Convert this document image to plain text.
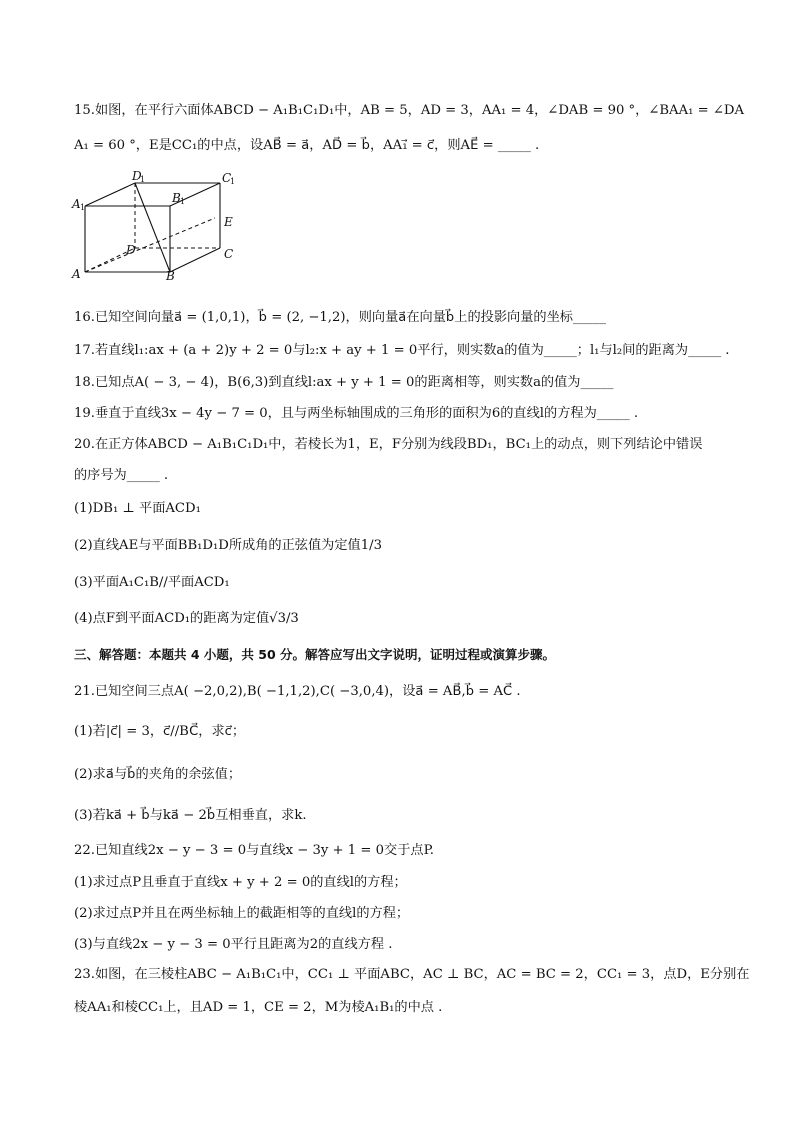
15.如图，在平行六面体ABCD − A₁B₁C₁D₁中，AB = 5，AD = 3，AA₁ = 4，∠DAB = 90 °，∠BAA₁ = ∠DA
A₁ = 60 °，E是CC₁的中点，设AB⃗ = a⃗，AD⃗ = b⃗，AA₁⃗ = c⃗，则AE⃗ = _____ .
D
1	C
1
B 1
A 1
E
D	C
A	B
16.已知空间向量a⃗ = (1,0,1)，b⃗ = (2, −1,2)，则向量a⃗在向量b⃗上的投影向量的坐标_____
17.若直线l₁:ax + (a + 2)y + 2 = 0与l₂:x + ay + 1 = 0平行，则实数a的值为_____；l₁与l₂间的距离为_____ .
18.已知点A( − 3, − 4)，B(6,3)到直线l:ax + y + 1 = 0的距离相等，则实数a的值为_____
19.垂直于直线3x − 4y − 7 = 0，且与两坐标轴围成的三角形的面积为6的直线l的方程为_____ .
20.在正方体ABCD − A₁B₁C₁D₁中，若棱长为1，E，F分别为线段BD₁，BC₁上的动点，则下列结论中错误
的序号为_____ .
(1)DB₁ ⊥ 平面ACD₁
(2)直线AE与平面BB₁D₁D所成角的正弦值为定值1/3
(3)平面A₁C₁B//平面ACD₁
(4)点F到平面ACD₁的距离为定值√3/3
三、解答题：本题共 4 小题，共 50 分。解答应写出文字说明，证明过程或演算步骤。
21.已知空间三点A( −2,0,2),B( −1,1,2),C( −3,0,4)，设a⃗ = AB⃗,b⃗ = AC⃗ .
(1)若|c⃗| = 3，c⃗//BC⃗，求c⃗；
(2)求a⃗与b⃗的夹角的余弦值；
(3)若ka⃗ + b⃗与ka⃗ − 2b⃗互相垂直，求k.
22.已知直线2x − y − 3 = 0与直线x − 3y + 1 = 0交于点P.
(1)求过点P且垂直于直线x + y + 2 = 0的直线l的方程；
(2)求过点P并且在两坐标轴上的截距相等的直线l的方程；
(3)与直线2x − y − 3 = 0平行且距离为2的直线方程 .
23.如图，在三棱柱ABC − A₁B₁C₁中，CC₁ ⊥ 平面ABC，AC ⊥ BC，AC = BC = 2，CC₁ = 3，点D，E分别在
棱AA₁和棱CC₁上，且AD = 1，CE = 2，M为棱A₁B₁的中点 .
